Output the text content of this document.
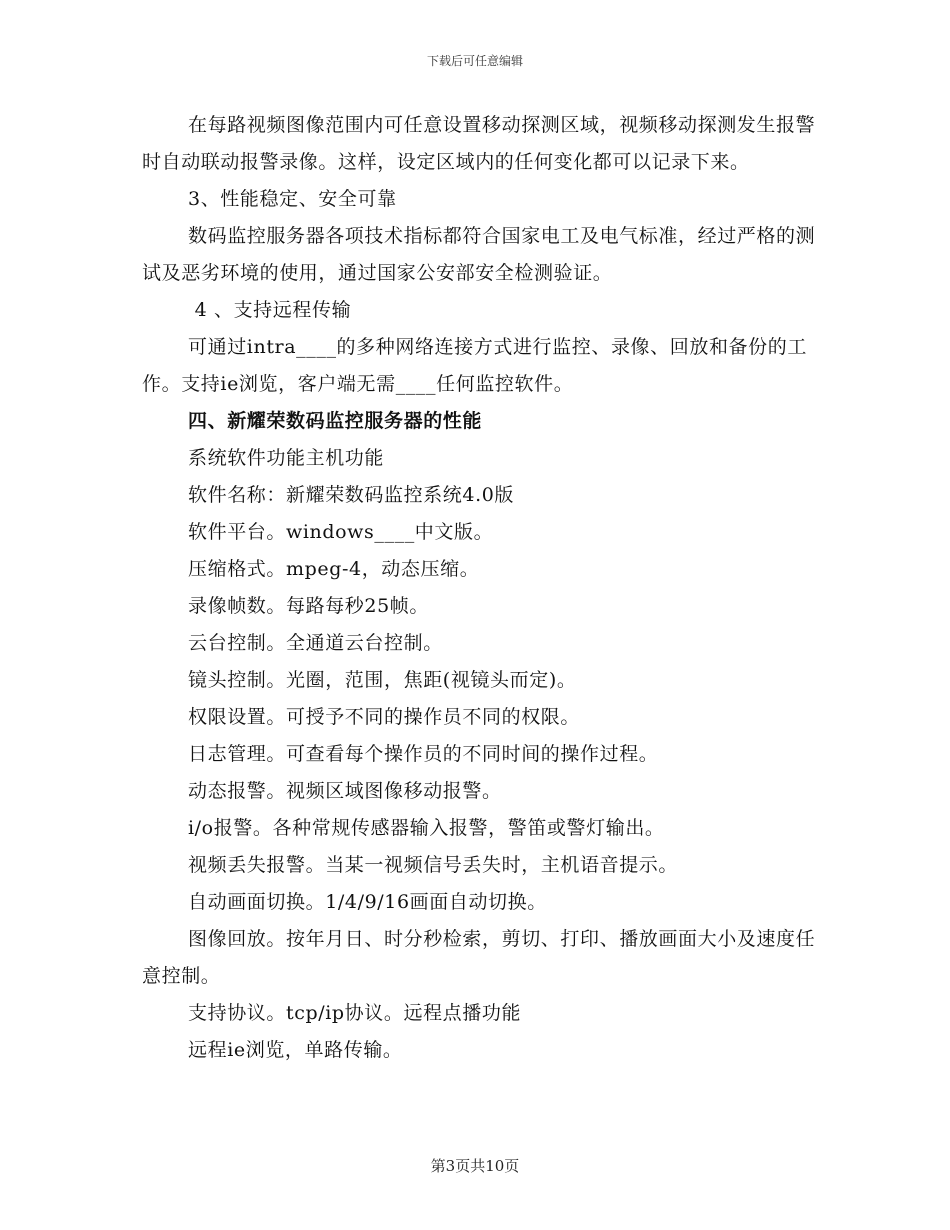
下载后可任意编辑

在每路视频图像范围内可任意设置移动探测区域，视频移动探测发生报警时自动联动报警录像。这样，设定区域内的任何变化都可以记录下来。

3、性能稳定、安全可靠

数码监控服务器各项技术指标都符合国家电工及电气标准，经过严格的测试及恶劣环境的使用，通过国家公安部安全检测验证。

4 、支持远程传输

可通过intra____的多种网络连接方式进行监控、录像、回放和备份的工作。支持ie浏览，客户端无需____任何监控软件。

四、新耀荣数码监控服务器的性能

系统软件功能主机功能

软件名称：新耀荣数码监控系统4.0版

软件平台。windows____中文版。

压缩格式。mpeg-4，动态压缩。

录像帧数。每路每秒25帧。

云台控制。全通道云台控制。

镜头控制。光圈，范围，焦距(视镜头而定)。

权限设置。可授予不同的操作员不同的权限。

日志管理。可查看每个操作员的不同时间的操作过程。

动态报警。视频区域图像移动报警。

i/o报警。各种常规传感器输入报警，警笛或警灯输出。

视频丢失报警。当某一视频信号丢失时，主机语音提示。

自动画面切换。1/4/9/16画面自动切换。

图像回放。按年月日、时分秒检索，剪切、打印、播放画面大小及速度任意控制。

支持协议。tcp/ip协议。远程点播功能

远程ie浏览，单路传输。

第3页共10页
